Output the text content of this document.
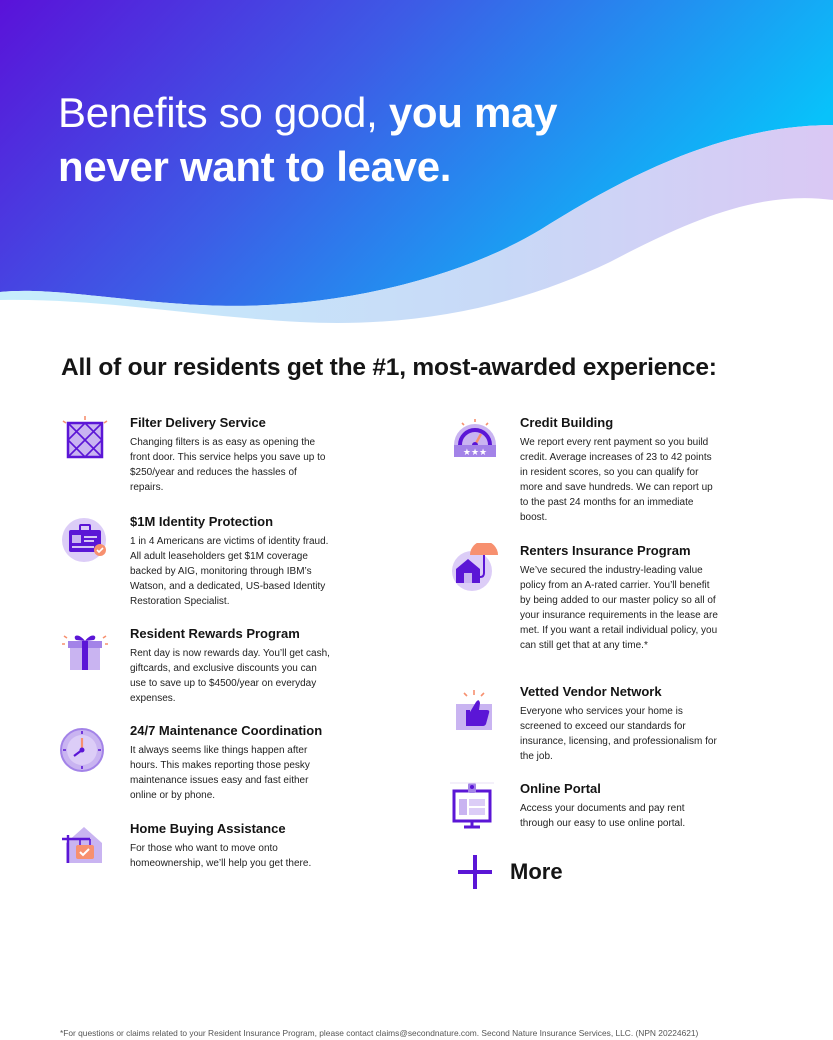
Benefits so good, you may
never want to leave.
All of our residents get the #1, most-awarded experience:
Filter Delivery Service

Changing filters is as easy as opening the front door. This service helps you save up to $250/year and reduces the hassles of repairs.

$1M Identity Protection

1 in 4 Americans are victims of identity fraud. All adult leaseholders get $1M coverage backed by AIG, monitoring through IBM’s Watson, and a dedicated, US-based Identity Restoration Specialist.

Resident Rewards Program

Rent day is now rewards day. You’ll get cash, giftcards, and exclusive discounts you can use to save up to $4500/year on everyday expenses.

24/7 Maintenance Coordination

It always seems like things happen after hours. This makes reporting those pesky maintenance issues easy and fast either online or by phone.

Home Buying Assistance

For those who want to move onto homeownership, we’ll help you get there.

★★★
Credit Building

We report every rent payment so you build credit. Average increases of 23 to 42 points in resident scores, so you can qualify for more and save hundreds. We can report up to the past 24 months for an immediate boost.

Renters Insurance Program

We’ve secured the industry-leading value policy from an A-rated carrier. You’ll benefit by being added to our master policy so all of your insurance requirements in the lease are met. If you want a retail individual policy, you can still get that at any time.*

Vetted Vendor Network

Everyone who services your home is screened to exceed our standards for insurance, licensing, and professionalism for the job.

Online Portal

Access your documents and pay rent through our easy to use online portal.

More
*For questions or claims related to your Resident Insurance Program, please contact claims@secondnature.com. Second Nature Insurance Services, LLC. (NPN 20224621)
